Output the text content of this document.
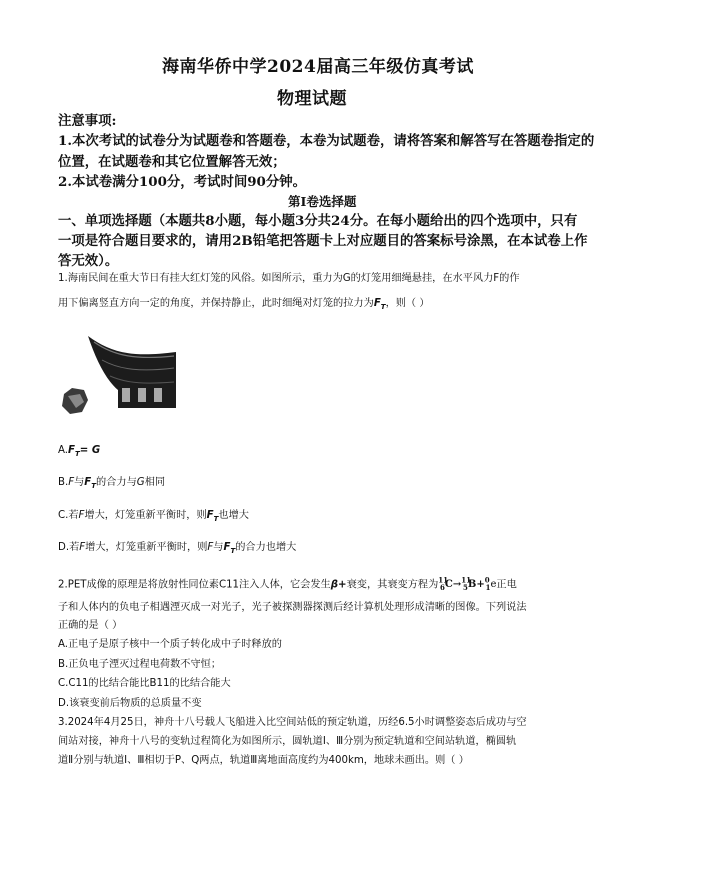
海南华侨中学2024届高三年级仿真考试
物理试题
注意事项:
1.本次考试的试卷分为试题卷和答题卷，本卷为试题卷，请将答案和解答写在答题卷指定的
位置，在试题卷和其它位置解答无效；
2.本试卷满分100分，考试时间90分钟。
第Ⅰ卷选择题
一、单项选择题（本题共8小题，每小题3分共24分。在每小题给出的四个选项中，只有
一项是符合题目要求的，请用2B铅笔把答题卡上对应题目的答案标号涂黑，在本试卷上作
答无效）。
1.海南民间在重大节日有挂大红灯笼的风俗。如图所示，重力为G的灯笼用细绳悬挂，在水平风力F的作
用下偏离竖直方向一定的角度，并保持静止，此时细绳对灯笼的拉力为$F_T$，则（ ）
$A.F_T= G$
B.F与$F_T$的合力与G相同
C.若F增大，灯笼重新平衡时，则$F_T$也增大
D.若F增大，灯笼重新平衡时，则F与$F_T$的合力也增大
2.PET成像的原理是将放射性同位素C11注入人体，它会发生β+衰变，其衰变方程为$^{11}_6$C→$^{11}_5$B+$^0_1$e正电
子和人体内的负电子相遇湮灭成一对光子，光子被探测器探测后经计算机处理形成清晰的图像。下列说法
正确的是（ ）
A.正电子是原子核中一个质子转化成中子时释放的
B.正负电子湮灭过程电荷数不守恒；
C.C11的比结合能比B11的比结合能大
D.该衰变前后物质的总质量不变
3.2024年4月25日，神舟十八号载人飞船进入比空间站低的预定轨道，历经6.5小时调整姿态后成功与空
间站对接，神舟十八号的变轨过程简化为如图所示，圆轨道Ⅰ、Ⅲ分别为预定轨道和空间站轨道，椭圆轨
道Ⅱ分别与轨道Ⅰ、Ⅲ相切于P、Q两点，轨道Ⅲ离地面高度约为400km，地球未画出。则（ ）
